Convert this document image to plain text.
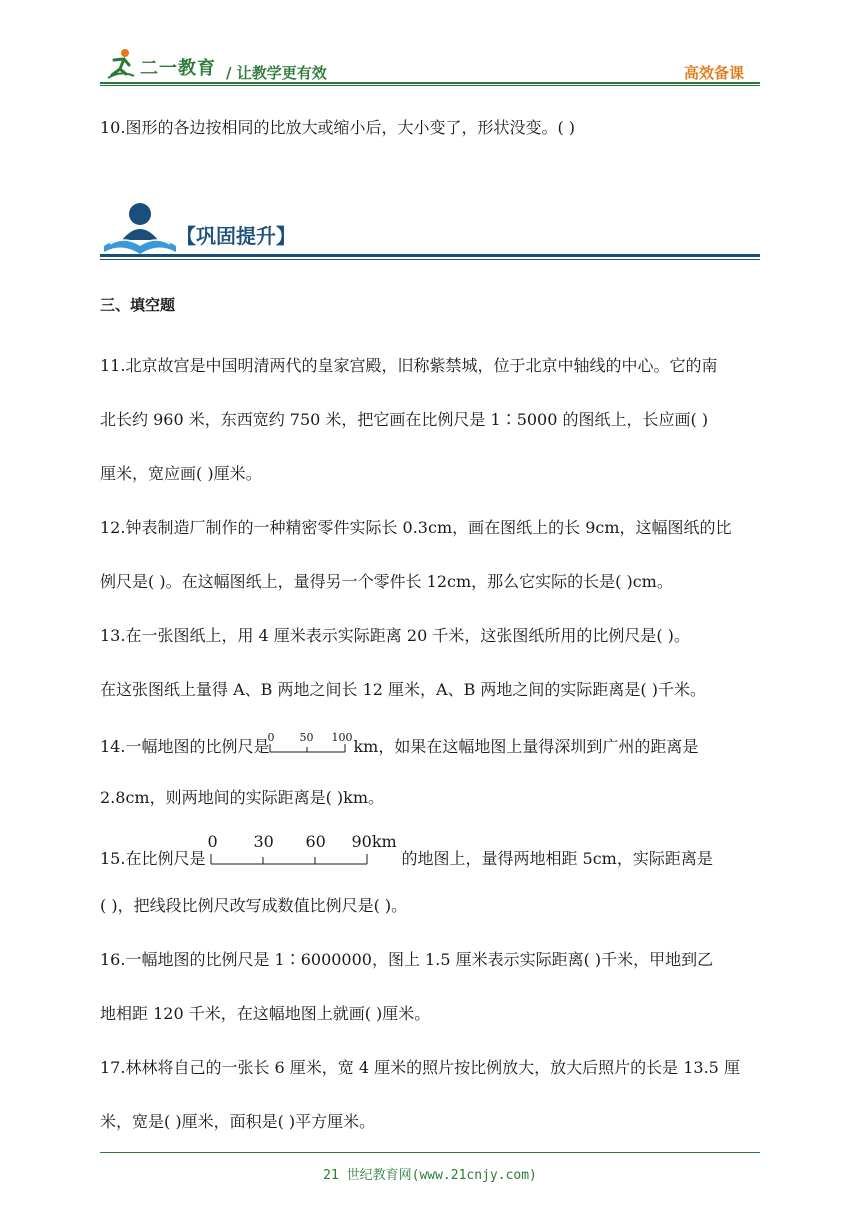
二一教育 / 让教学更有效	高效备课
10.图形的各边按相同的比放大或缩小后，大小变了，形状没变。( )
【巩固提升】
三、填空题
11.北京故宫是中国明清两代的皇家宫殿，旧称紫禁城，位于北京中轴线的中心。它的南
北长约 960 米，东西宽约 750 米，把它画在比例尺是 1∶5000 的图纸上，长应画( )
厘米，宽应画( )厘米。
12.钟表制造厂制作的一种精密零件实际长 0.3cm，画在图纸上的长 9cm，这幅图纸的比
例尺是( )。在这幅图纸上，量得另一个零件长 12cm，那么它实际的长是( )cm。
13.在一张图纸上，用 4 厘米表示实际距离 20 千米，这张图纸所用的比例尺是( )。
在这张图纸上量得 A、B 两地之间长 12 厘米，A、B 两地之间的实际距离是( )千米。
14.一幅地图的比例尺是
0 50 100 km，如果在这幅地图上量得深圳到广州的距离是
2.8cm，则两地间的实际距离是( )km。
15.在比例尺是
0 30 60 90km
的地图上，量得两地相距 5cm，实际距离是
( )，把线段比例尺改写成数值比例尺是( )。
16.一幅地图的比例尺是 1∶6000000，图上 1.5 厘米表示实际距离( )千米，甲地到乙
地相距 120 千米，在这幅地图上就画( )厘米。
17.林林将自己的一张长 6 厘米，宽 4 厘米的照片按比例放大，放大后照片的长是 13.5 厘
米，宽是( )厘米，面积是( )平方厘米。
21 世纪教育网(www.21cnjy.com)
